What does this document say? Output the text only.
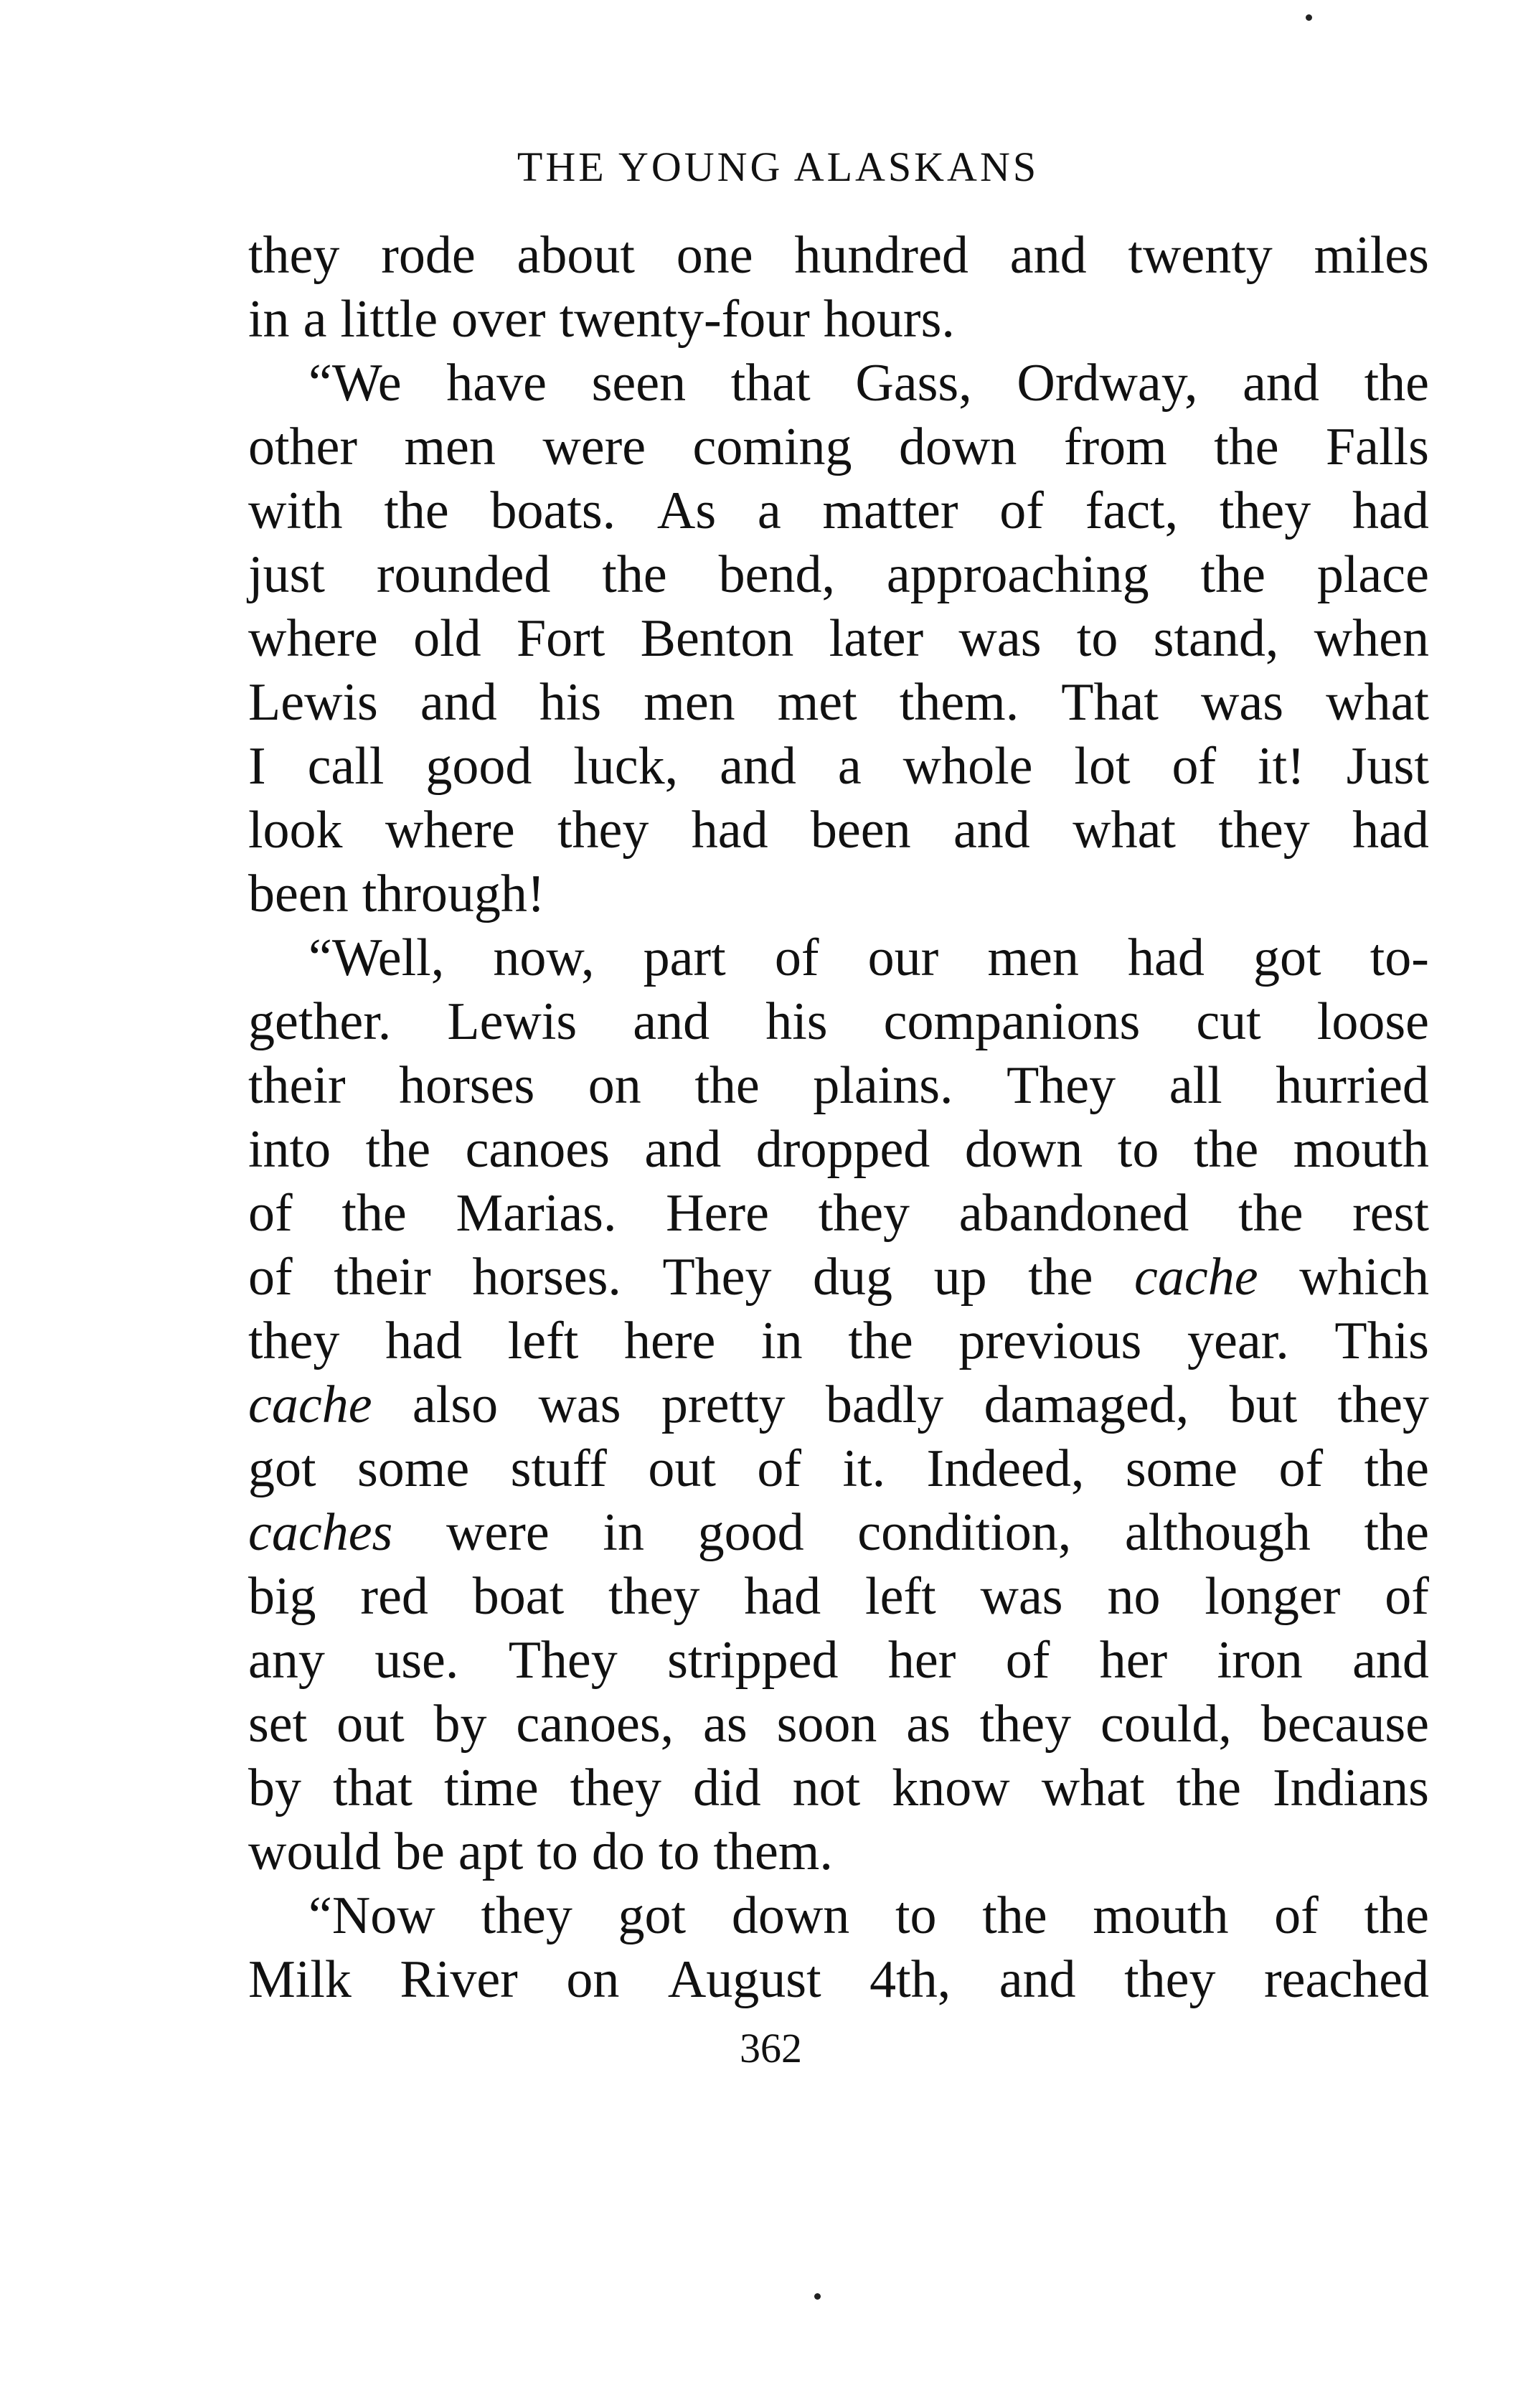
THE YOUNG ALASKANS
they rode about one hundred and twenty miles
in a little over twenty-four hours.
“We have seen that Gass, Ordway, and the
other men were coming down from the Falls
with the boats. As a matter of fact, they had
just rounded the bend, approaching the place
where old Fort Benton later was to stand, when
Lewis and his men met them. That was what
I call good luck, and a whole lot of it! Just
look where they had been and what they had
been through!
“Well, now, part of our men had got to-
gether. Lewis and his companions cut loose
their horses on the plains. They all hurried
into the canoes and dropped down to the mouth
of the Marias. Here they abandoned the rest
of their horses. They dug up the cache which
they had left here in the previous year. This
cache also was pretty badly damaged, but they
got some stuff out of it. Indeed, some of the
caches were in good condition, although the
big red boat they had left was no longer of
any use. They stripped her of her iron and
set out by canoes, as soon as they could, because
by that time they did not know what the Indians
would be apt to do to them.
“Now they got down to the mouth of the
Milk River on August 4th, and they reached
362
